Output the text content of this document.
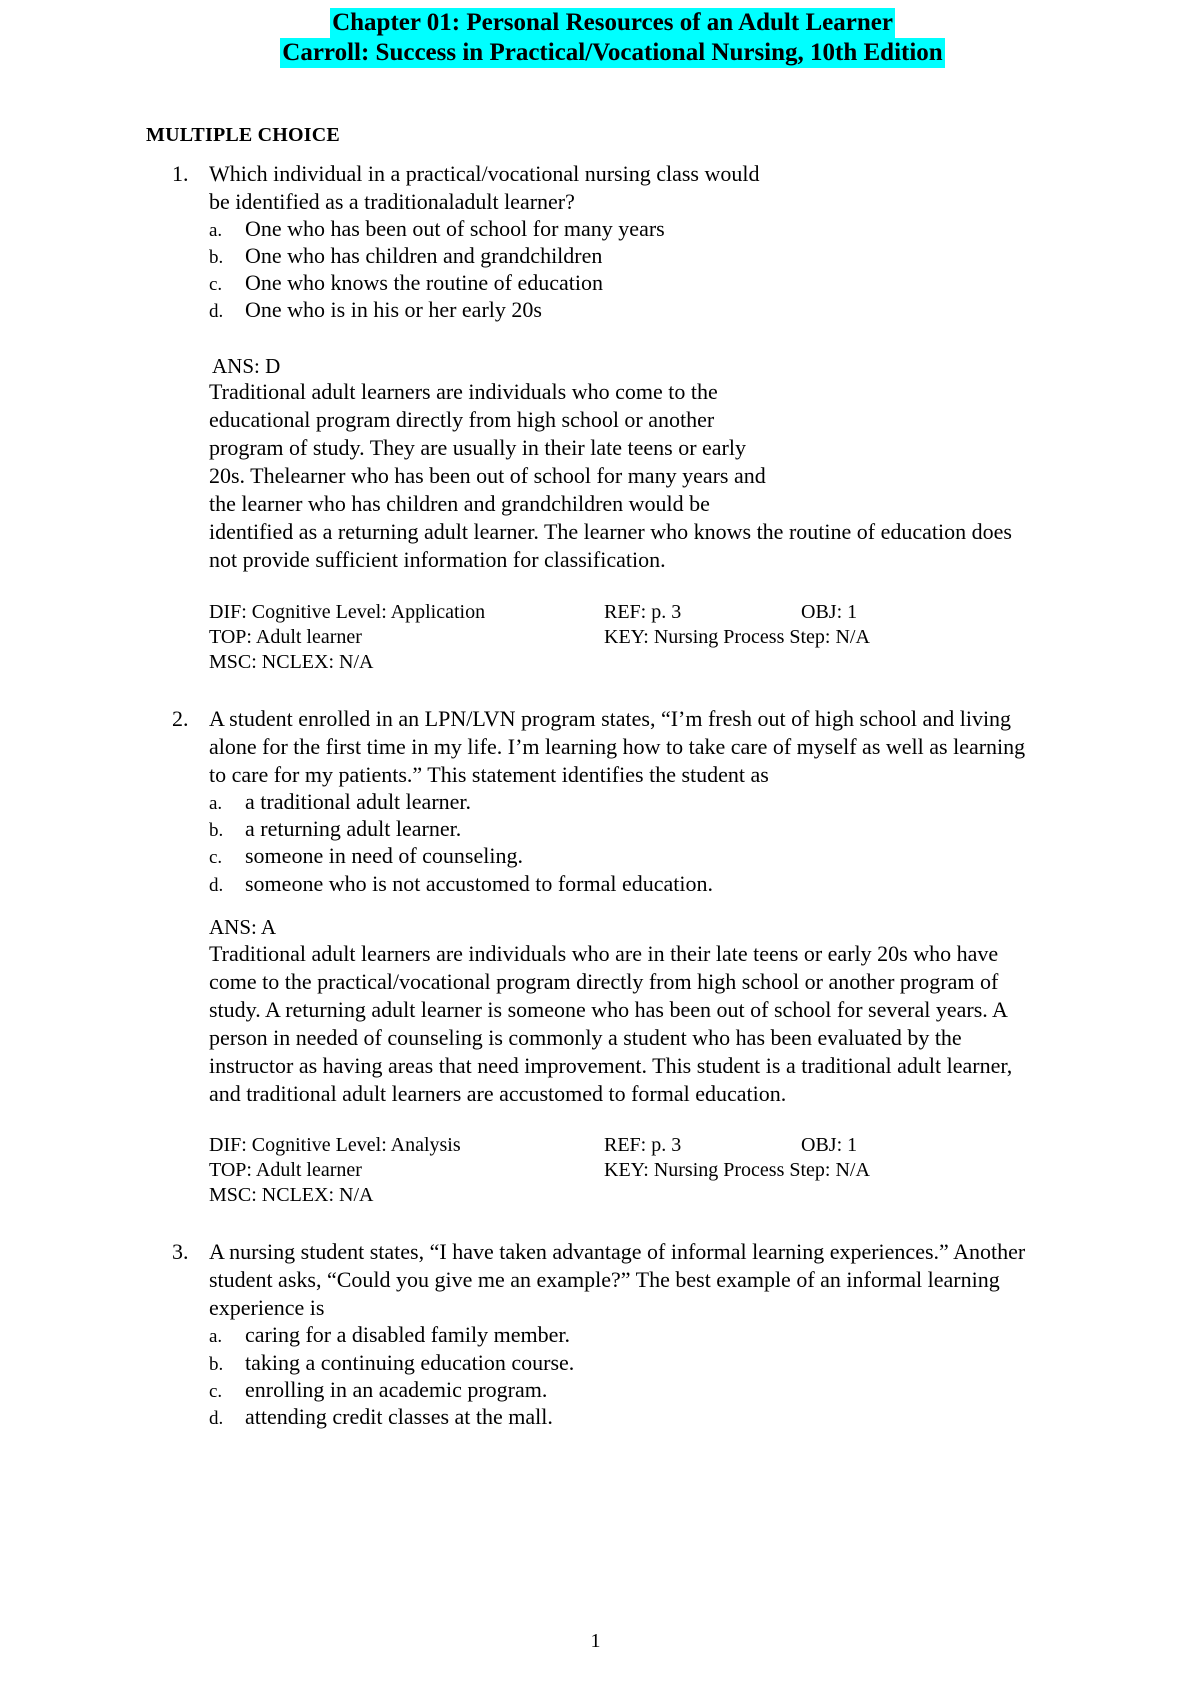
Chapter 01: Personal Resources of an Adult Learner
Carroll: Success in Practical/Vocational Nursing, 10th Edition
MULTIPLE CHOICE
1. Which individual in a practical/vocational nursing class would
be identified as a traditionaladult learner?
a. One who has been out of school for many years
b. One who has children and grandchildren
c. One who knows the routine of education
d. One who is in his or her early 20s
ANS: D
Traditional adult learners are individuals who come to the
educational program directly from high school or another
program of study. They are usually in their late teens or early
20s. Thelearner who has been out of school for many years and
the learner who has children and grandchildren would be
identified as a returning adult learner. The learner who knows the routine of education does
not provide sufficient information for classification.
DIF: Cognitive Level: Application	REF: p. 3	OBJ: 1
TOP: Adult learner	KEY: Nursing Process Step: N/A
MSC: NCLEX: N/A
2. A student enrolled in an LPN/LVN program states, “I’m fresh out of high school and living
alone for the first time in my life. I’m learning how to take care of myself as well as learning
to care for my patients.” This statement identifies the student as
a. a traditional adult learner.
b. a returning adult learner.
c. someone in need of counseling.
d. someone who is not accustomed to formal education.
ANS: A
Traditional adult learners are individuals who are in their late teens or early 20s who have
come to the practical/vocational program directly from high school or another program of
study. A returning adult learner is someone who has been out of school for several years. A
person in needed of counseling is commonly a student who has been evaluated by the
instructor as having areas that need improvement. This student is a traditional adult learner,
and traditional adult learners are accustomed to formal education.
DIF: Cognitive Level: Analysis	REF: p. 3	OBJ: 1
TOP: Adult learner	KEY: Nursing Process Step: N/A
MSC: NCLEX: N/A
3. A nursing student states, “I have taken advantage of informal learning experiences.” Another
student asks, “Could you give me an example?” The best example of an informal learning
experience is
a. caring for a disabled family member.
b. taking a continuing education course.
c. enrolling in an academic program.
d. attending credit classes at the mall.
1
